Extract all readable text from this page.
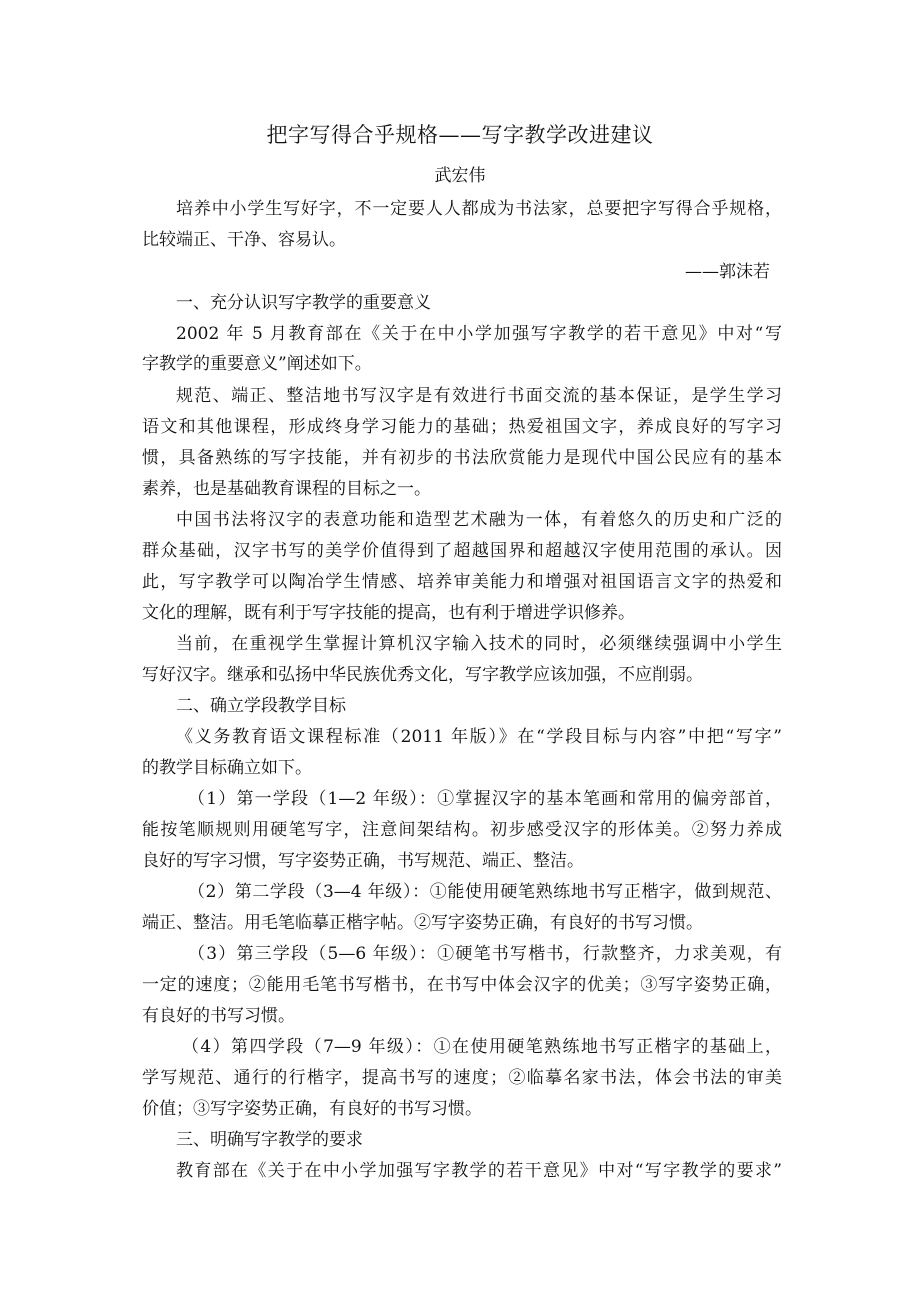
把字写得合乎规格——写字教学改进建议
武宏伟
培养中小学生写好字，不一定要人人都成为书法家，总要把字写得合乎规格，
比较端正、干净、容易认。
——郭沫若
一、充分认识写字教学的重要意义
2002 年 5 月教育部在《关于在中小学加强写字教学的若干意见》中对“写
字教学的重要意义”阐述如下。
规范、端正、整洁地书写汉字是有效进行书面交流的基本保证，是学生学习
语文和其他课程，形成终身学习能力的基础；热爱祖国文字，养成良好的写字习
惯，具备熟练的写字技能，并有初步的书法欣赏能力是现代中国公民应有的基本
素养，也是基础教育课程的目标之一。
中国书法将汉字的表意功能和造型艺术融为一体，有着悠久的历史和广泛的
群众基础，汉字书写的美学价值得到了超越国界和超越汉字使用范围的承认。因
此，写字教学可以陶冶学生情感、培养审美能力和增强对祖国语言文字的热爱和
文化的理解，既有利于写字技能的提高，也有利于增进学识修养。
当前，在重视学生掌握计算机汉字输入技术的同时，必须继续强调中小学生
写好汉字。继承和弘扬中华民族优秀文化，写字教学应该加强，不应削弱。
二、确立学段教学目标
《义务教育语文课程标准（2011 年版）》在“学段目标与内容”中把“写字”
的教学目标确立如下。
（1）第一学段（1—2 年级）：①掌握汉字的基本笔画和常用的偏旁部首，
能按笔顺规则用硬笔写字，注意间架结构。初步感受汉字的形体美。②努力养成
良好的写字习惯，写字姿势正确，书写规范、端正、整洁。
（2）第二学段（3—4 年级）：①能使用硬笔熟练地书写正楷字，做到规范、
端正、整洁。用毛笔临摹正楷字帖。②写字姿势正确，有良好的书写习惯。
（3）第三学段（5—6 年级）：①硬笔书写楷书，行款整齐，力求美观，有
一定的速度；②能用毛笔书写楷书，在书写中体会汉字的优美；③写字姿势正确，
有良好的书写习惯。
（4）第四学段（7—9 年级）：①在使用硬笔熟练地书写正楷字的基础上，
学写规范、通行的行楷字，提高书写的速度；②临摹名家书法，体会书法的审美
价值；③写字姿势正确，有良好的书写习惯。
三、明确写字教学的要求
教育部在《关于在中小学加强写字教学的若干意见》中对“写字教学的要求”
